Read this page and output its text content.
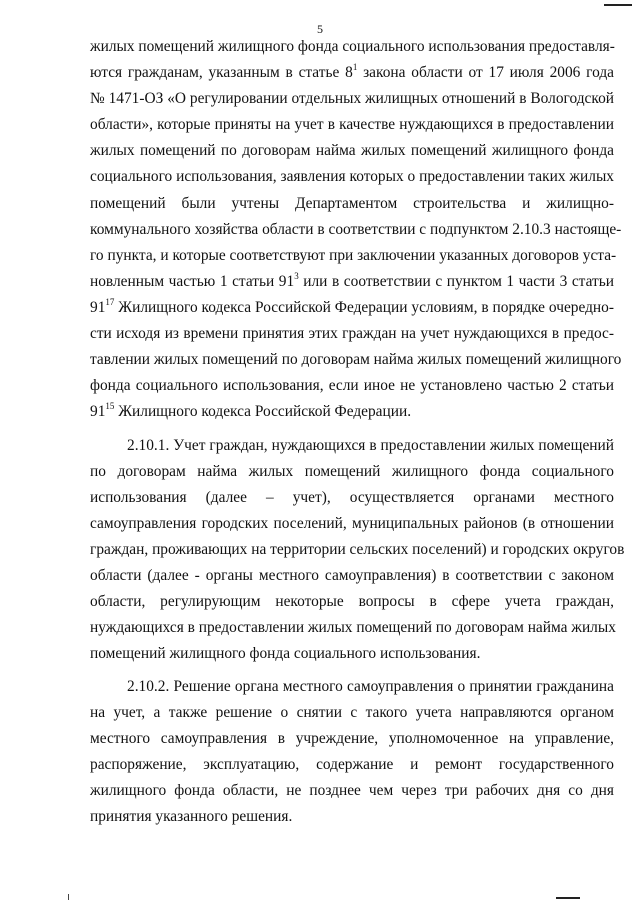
5
жилых помещений жилищного фонда социального использования предоставля-
ются гражданам, указанным в статье $8^1$ закона области от 17 июля 2006 года
№ 1471-ОЗ «О регулировании отдельных жилищных отношений в Вологодской
области», которые приняты на учет в качестве нуждающихся в предоставлении
жилых помещений по договорам найма жилых помещений жилищного фонда
социального использования, заявления которых о предоставлении таких жилых
помещений были учтены Департаментом строительства и жилищно-
коммунального хозяйства области в соответствии с подпунктом 2.10.3 настояще-
го пункта, и которые соответствуют при заключении указанных договоров уста-
новленным частью 1 статьи $91^3$ или в соответствии с пунктом 1 части 3 статьи
$91^{17}$ Жилищного кодекса Российской Федерации условиям, в порядке очередно-
сти исходя из времени принятия этих граждан на учет нуждающихся в предос-
тавлении жилых помещений по договорам найма жилых помещений жилищного
фонда социального использования, если иное не установлено частью 2 статьи
$91^{15}$ Жилищного кодекса Российской Федерации.
2.10.1. Учет граждан, нуждающихся в предоставлении жилых помещений
по договорам найма жилых помещений жилищного фонда социального
использования (далее – учет), осуществляется органами местного
самоуправления городских поселений, муниципальных районов (в отношении
граждан, проживающих на территории сельских поселений) и городских округов
области (далее - органы местного самоуправления) в соответствии с законом
области, регулирующим некоторые вопросы в сфере учета граждан,
нуждающихся в предоставлении жилых помещений по договорам найма жилых
помещений жилищного фонда социального использования.
2.10.2. Решение органа местного самоуправления о принятии гражданина
на учет, а также решение о снятии с такого учета направляются органом
местного самоуправления в учреждение, уполномоченное на управление,
распоряжение, эксплуатацию, содержание и ремонт государственного
жилищного фонда области, не позднее чем через три рабочих дня со дня
принятия указанного решения.
